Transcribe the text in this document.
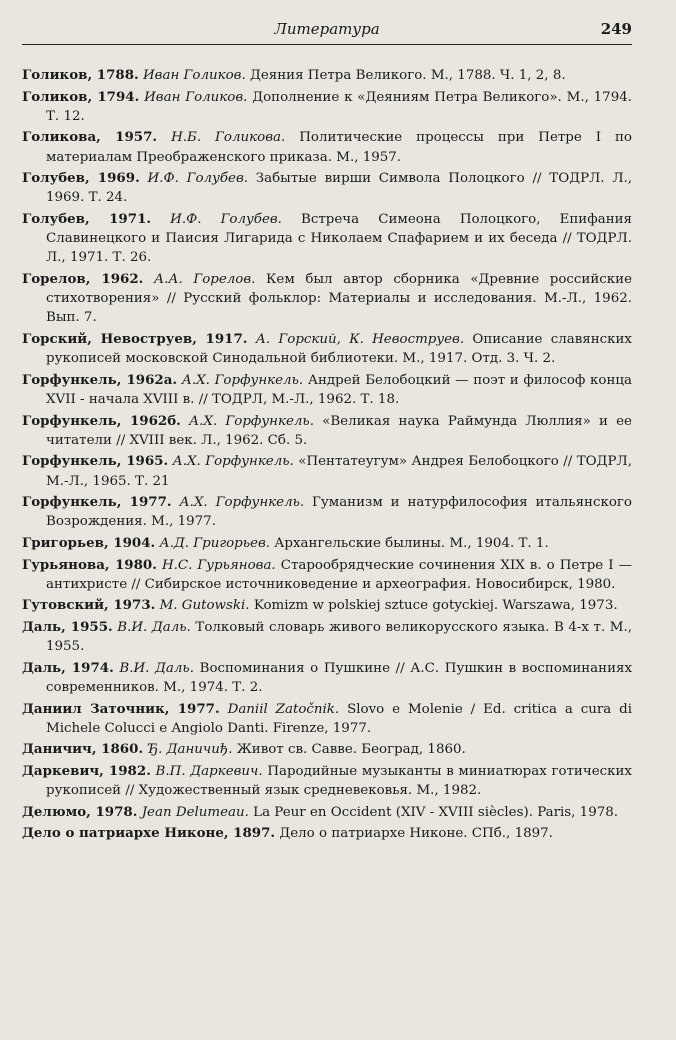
Литература	249

Голиков, 1788. Иван Голиков. Деяния Петра Великого. М., 1788. Ч. 1, 2, 8.

Голиков, 1794. Иван Голиков. Дополнение к «Деяниям Петра Великого». М., 1794. Т. 12.

Голикова, 1957. Н.Б. Голикова. Политические процессы при Петре I по материалам Преображенского приказа. М., 1957.

Голубев, 1969. И.Ф. Голубев. Забытые вирши Символа Полоцкого // ТОДРЛ. Л., 1969. Т. 24.

Голубев, 1971. И.Ф. Голубев. Встреча Симеона Полоцкого, Епифания Славинецкого и Паисия Лигарида с Николаем Спафарием и их беседа // ТОДРЛ. Л., 1971. Т. 26.

Горелов, 1962. А.А. Горелов. Кем был автор сборника «Древние российские стихотворения» // Русский фольклор: Материалы и исследования. М.-Л., 1962. Вып. 7.

Горский, Невоструев, 1917. А. Горский, К. Невоструев. Описание славянских рукописей московской Синодальной библиотеки. М., 1917. Отд. 3. Ч. 2.

Горфункель, 1962а. А.Х. Горфункель. Андрей Белобоцкий — поэт и философ конца XVII - начала XVIII в. // ТОДРЛ, М.-Л., 1962. Т. 18.

Горфункель, 1962б. А.Х. Горфункель. «Великая наука Раймунда Люллия» и ее читатели // XVIII век. Л., 1962. Сб. 5.

Горфункель, 1965. А.Х. Горфункель. «Пентатеугум» Андрея Белобоцкого // ТОДРЛ, М.-Л., 1965. Т. 21

Горфункель, 1977. А.Х. Горфункель. Гуманизм и натурфилософия итальянского Возрождения. М., 1977.

Григорьев, 1904. А.Д. Григорьев. Архангельские былины. М., 1904. Т. 1.

Гурьянова, 1980. Н.С. Гурьянова. Старообрядческие сочинения XIX в. о Петре I — антихристе // Сибирское источниковедение и археография. Новосибирск, 1980.

Гутовский, 1973. M. Gutowski. Komizm w polskiej sztuce gotyckiej. Warszawa, 1973.

Даль, 1955. В.И. Даль. Толковый словарь живого великорусского языка. В 4-х т. М., 1955.

Даль, 1974. В.И. Даль. Воспоминания о Пушкине // А.С. Пушкин в воспоминаниях современников. М., 1974. Т. 2.

Даниил Заточник, 1977. Daniil Zatočnik. Slovo e Molenie / Ed. critica a cura di Michele Colucci e Angiolo Danti. Firenze, 1977.

Даничич, 1860. Ђ. Даничиђ. Живот св. Савве. Београд, 1860.

Даркевич, 1982. В.П. Даркевич. Пародийные музыканты в миниатюрах готических рукописей // Художественный язык средневековья. М., 1982.

Делюмо, 1978. Jean Delumeau. La Peur en Occident (XIV - XVIII siècles). Paris, 1978.

Дело о патриархе Никоне, 1897. Дело о патриархе Никоне. СПб., 1897.
